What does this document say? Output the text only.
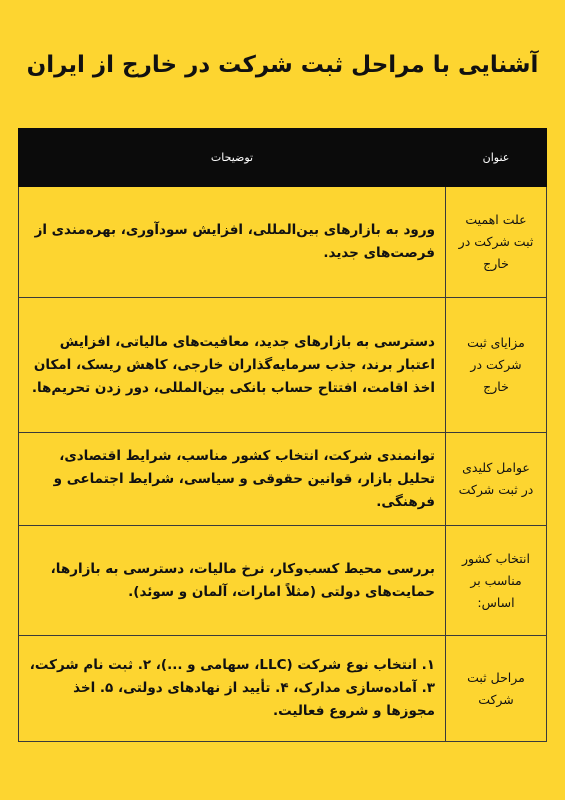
آشنایی با مراحل ثبت شرکت در خارج از ایران
عنوان	توضیحات
علت اهمیت ثبت شرکت در خارج	ورود به بازارهای بین‌المللی، افزایش سودآوری، بهره‌مندی از فرصت‌های جدید.
مزایای ثبت شرکت در خارج	دسترسی به بازارهای جدید، معافیت‌های مالیاتی، افزایش اعتبار برند، جذب سرمایه‌گذاران خارجی، کاهش ریسک، امکان اخذ اقامت، افتتاح حساب بانکی بین‌المللی، دور زدن تحریم‌ها.
عوامل کلیدی در ثبت شرکت	توانمندی شرکت، انتخاب کشور مناسب، شرایط اقتصادی، تحلیل بازار، قوانین حقوقی و سیاسی، شرایط اجتماعی و فرهنگی.
انتخاب کشور مناسب بر اساس:	بررسی محیط کسب‌وکار، نرخ مالیات، دسترسی به بازارها، حمایت‌های دولتی (مثلاً امارات، آلمان و سوئد).
مراحل ثبت شرکت	۱. انتخاب نوع شرکت (LLC، سهامی و ...)، ۲. ثبت نام شرکت، ۳. آماده‌سازی مدارک، ۴. تأیید از نهادهای دولتی، ۵. اخذ مجوزها و شروع فعالیت.
